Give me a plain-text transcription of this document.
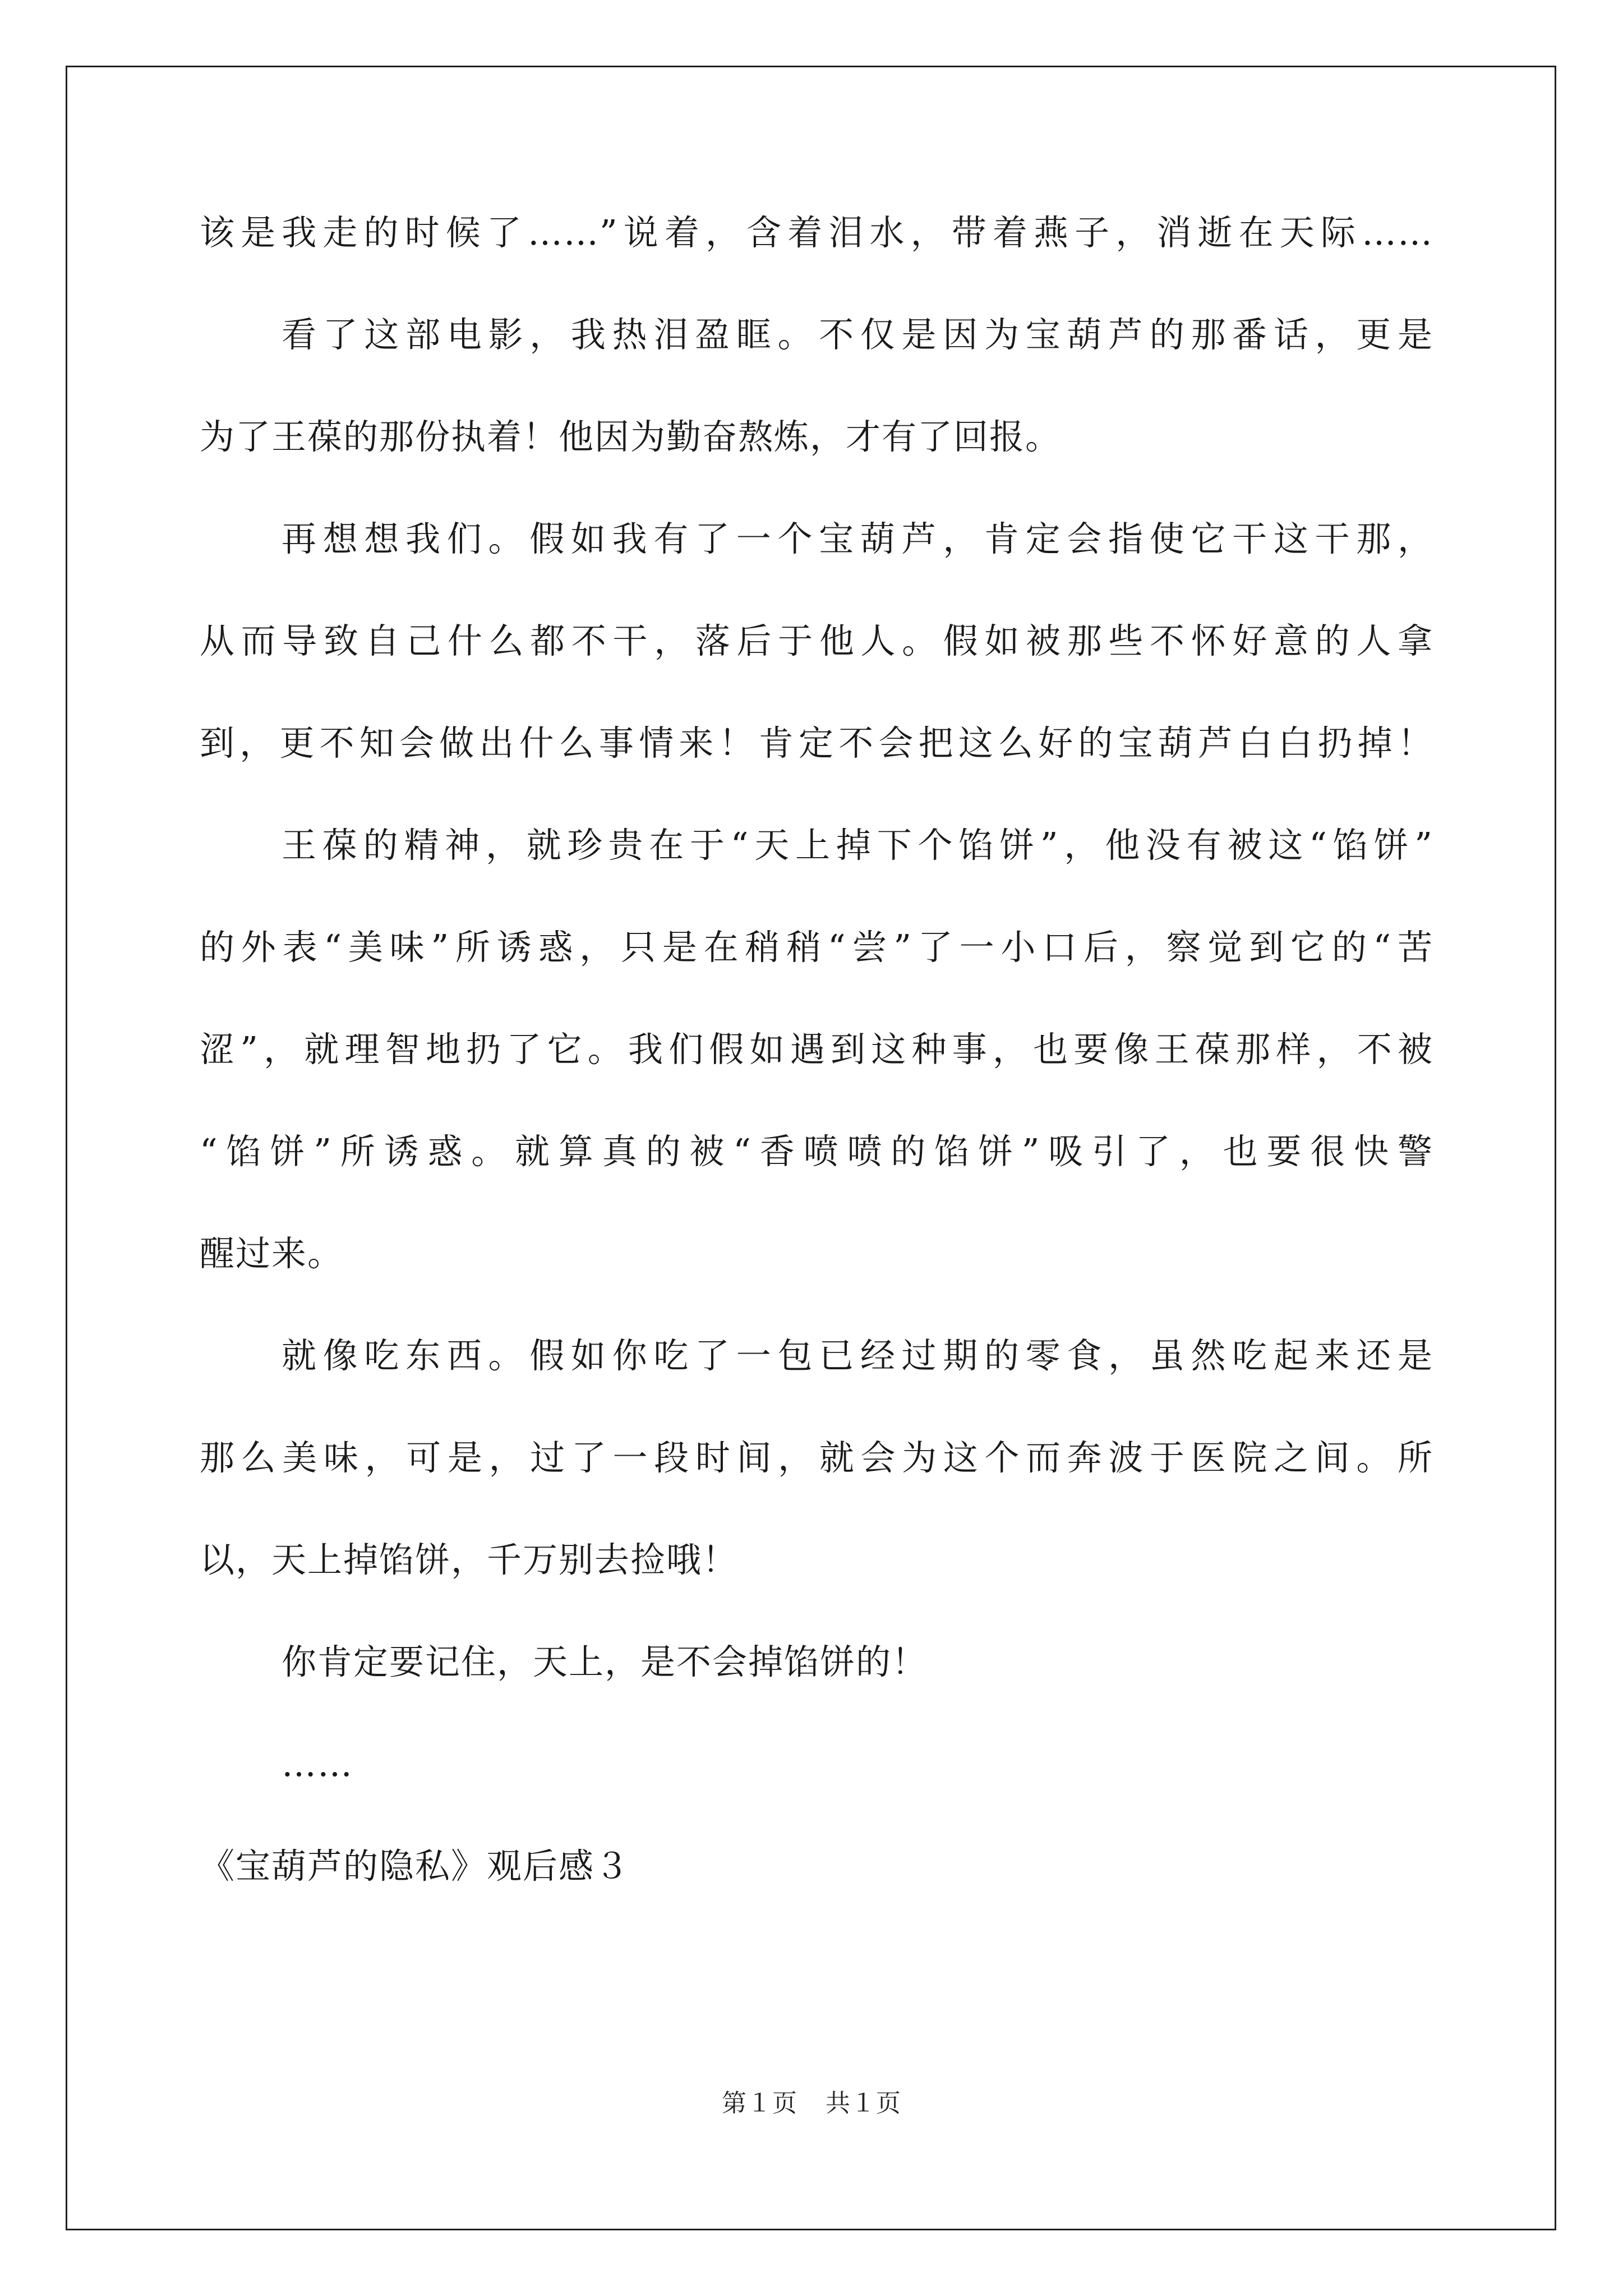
该是我走的时候了……”说着，含着泪水，带着燕子，消逝在天际……
看了这部电影，我热泪盈眶。不仅是因为宝葫芦的那番话，更是
为了王葆的那份执着！他因为勤奋熬炼，才有了回报。
再想想我们。假如我有了一个宝葫芦，肯定会指使它干这干那，
从而导致自己什么都不干，落后于他人。假如被那些不怀好意的人拿
到，更不知会做出什么事情来！肯定不会把这么好的宝葫芦白白扔掉！
王葆的精神，就珍贵在于“天上掉下个馅饼”，他没有被这“馅饼”
的外表“美味”所诱惑，只是在稍稍“尝”了一小口后，察觉到它的“苦
涩”，就理智地扔了它。我们假如遇到这种事，也要像王葆那样，不被
“馅饼”所诱惑。就算真的被“香喷喷的馅饼”吸引了，也要很快警
醒过来。
就像吃东西。假如你吃了一包已经过期的零食，虽然吃起来还是
那么美味，可是，过了一段时间，就会为这个而奔波于医院之间。所
以，天上掉馅饼，千万别去捡哦！
你肯定要记住，天上，是不会掉馅饼的！
……
《宝葫芦的隐私》观后感３
第１页 共１页
